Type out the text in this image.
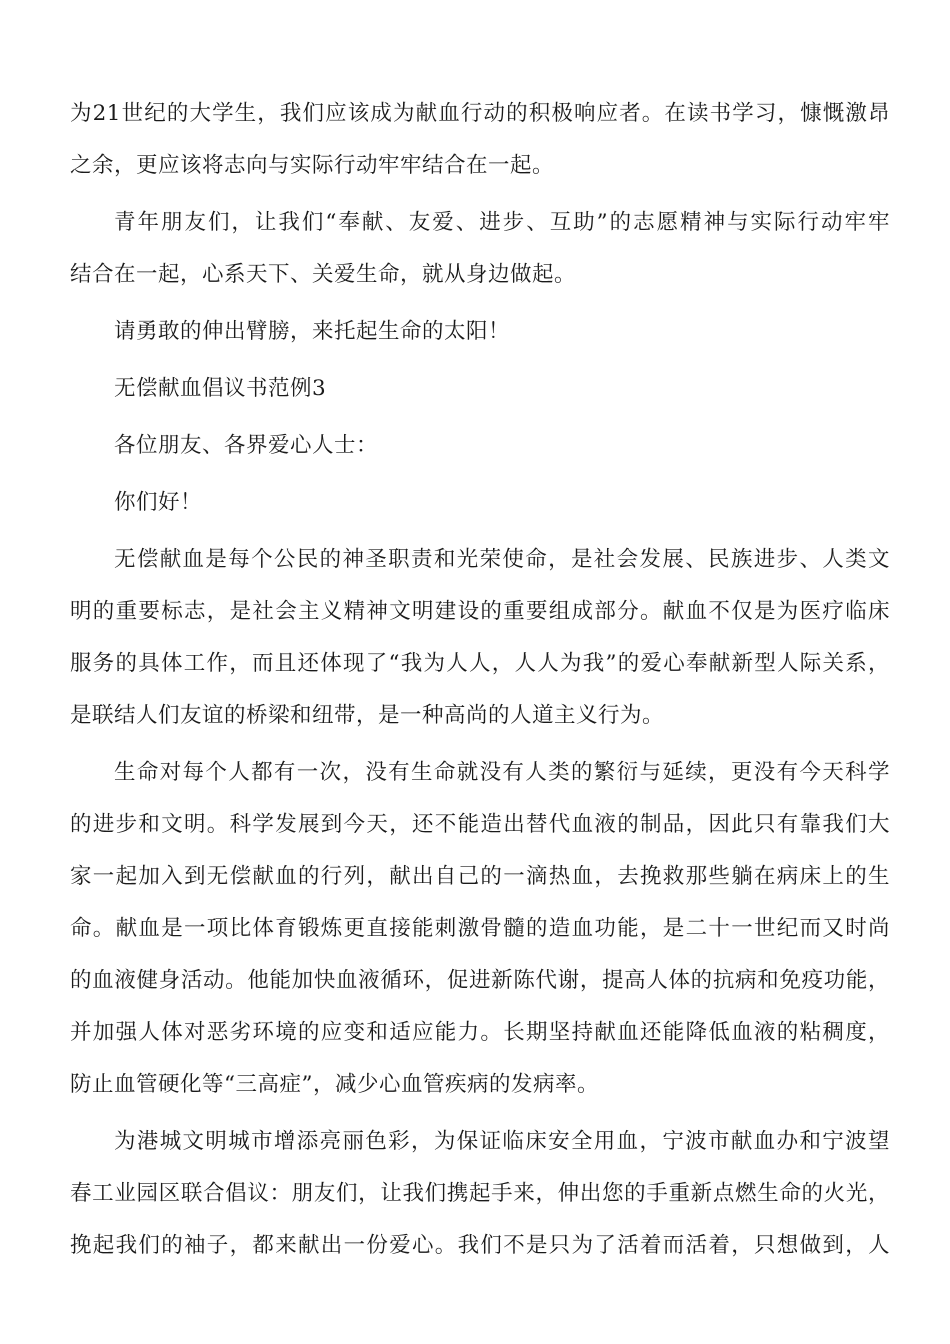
为21世纪的大学生，我们应该成为献血行动的积极响应者。在读书学习，慷慨激昂
之余，更应该将志向与实际行动牢牢结合在一起。
青年朋友们，让我们“奉献、友爱、进步、互助”的志愿精神与实际行动牢牢
结合在一起，心系天下、关爱生命，就从身边做起。
请勇敢的伸出臂膀，来托起生命的太阳！
无偿献血倡议书范例3
各位朋友、各界爱心人士：
你们好！
无偿献血是每个公民的神圣职责和光荣使命，是社会发展、民族进步、人类文
明的重要标志，是社会主义精神文明建设的重要组成部分。献血不仅是为医疗临床
服务的具体工作，而且还体现了“我为人人，人人为我”的爱心奉献新型人际关系，
是联结人们友谊的桥梁和纽带，是一种高尚的人道主义行为。
生命对每个人都有一次，没有生命就没有人类的繁衍与延续，更没有今天科学
的进步和文明。科学发展到今天，还不能造出替代血液的制品，因此只有靠我们大
家一起加入到无偿献血的行列，献出自己的一滴热血，去挽救那些躺在病床上的生
命。献血是一项比体育锻炼更直接能刺激骨髓的造血功能，是二十一世纪而又时尚
的血液健身活动。他能加快血液循环，促进新陈代谢，提高人体的抗病和免疫功能，
并加强人体对恶劣环境的应变和适应能力。长期坚持献血还能降低血液的粘稠度，
防止血管硬化等“三高症”，减少心血管疾病的发病率。
为港城文明城市增添亮丽色彩，为保证临床安全用血，宁波市献血办和宁波望
春工业园区联合倡议：朋友们，让我们携起手来，伸出您的手重新点燃生命的火光，
挽起我们的袖子，都来献出一份爱心。我们不是只为了活着而活着，只想做到，人
